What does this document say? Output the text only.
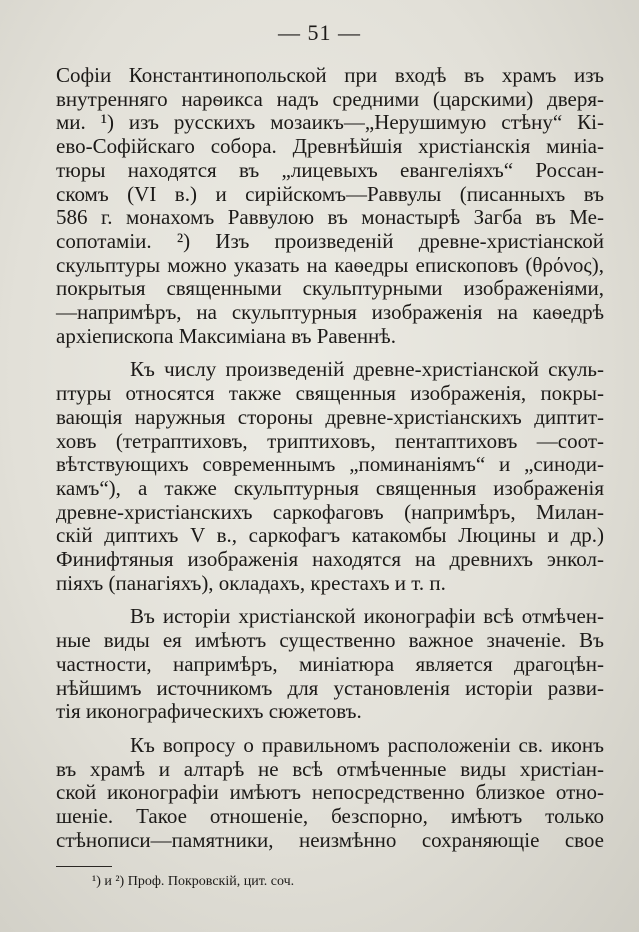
— 51 —
Софіи Константинопольской при входѣ въ храмъ изъ
внутренняго нарѳикса надъ средними (царскими) дверя-
ми. ¹) изъ русскихъ мозаикъ—„Нерушимую стѣну“ Кі-
ево-Софійскаго собора. Древнѣйшія христіанскія миніа-
тюры находятся въ „лицевыхъ евангеліяхъ“ Россан-
скомъ (VI в.) и сирійскомъ—Раввулы (писанныхъ въ
586 г. монахомъ Раввулою въ монастырѣ Загба въ Ме-
сопотаміи. ²) Изъ произведеній древне-христіанской
скульптуры можно указать на каѳедры епископовъ (θρόνος),
покрытыя священными скульптурными изображеніями,
—напримѣръ, на скульптурныя изображенія на каѳедрѣ
архіепископа Максиміана въ Равеннѣ.
Къ числу произведеній древне-христіанской скуль-
птуры относятся также священныя изображенія, покры-
вающія наружныя стороны древне-христіанскихъ диптит-
ховъ (тетраптиховъ, триптиховъ, пентаптиховъ —соот-
вѣтствующихъ современнымъ „поминаніямъ“ и „синоди-
камъ“), а также скульптурныя священныя изображенія
древне-христіанскихъ саркофаговъ (напримѣръ, Милан-
скій диптихъ V в., саркофагъ катакомбы Люцины и др.)
Финифтяныя изображенія находятся на древнихъ энкол-
піяхъ (панагіяхъ), окладахъ, крестахъ и т. п.
Въ исторіи христіанской иконографіи всѣ отмѣчен-
ные виды ея имѣютъ существенно важное значеніе. Въ
частности, напримѣръ, миніатюра является драгоцѣн-
нѣйшимъ источникомъ для установленія исторіи разви-
тія иконографическихъ сюжетовъ.
Къ вопросу о правильномъ расположеніи св. иконъ
въ храмѣ и алтарѣ не всѣ отмѣченные виды христіан-
ской иконографіи имѣютъ непосредственно близкое отно-
шеніе. Такое отношеніе, безспорно, имѣютъ только
стѣнописи—памятники, неизмѣнно сохраняющіе свое
¹) и ²) Проф. Покровскій, цит. соч.
